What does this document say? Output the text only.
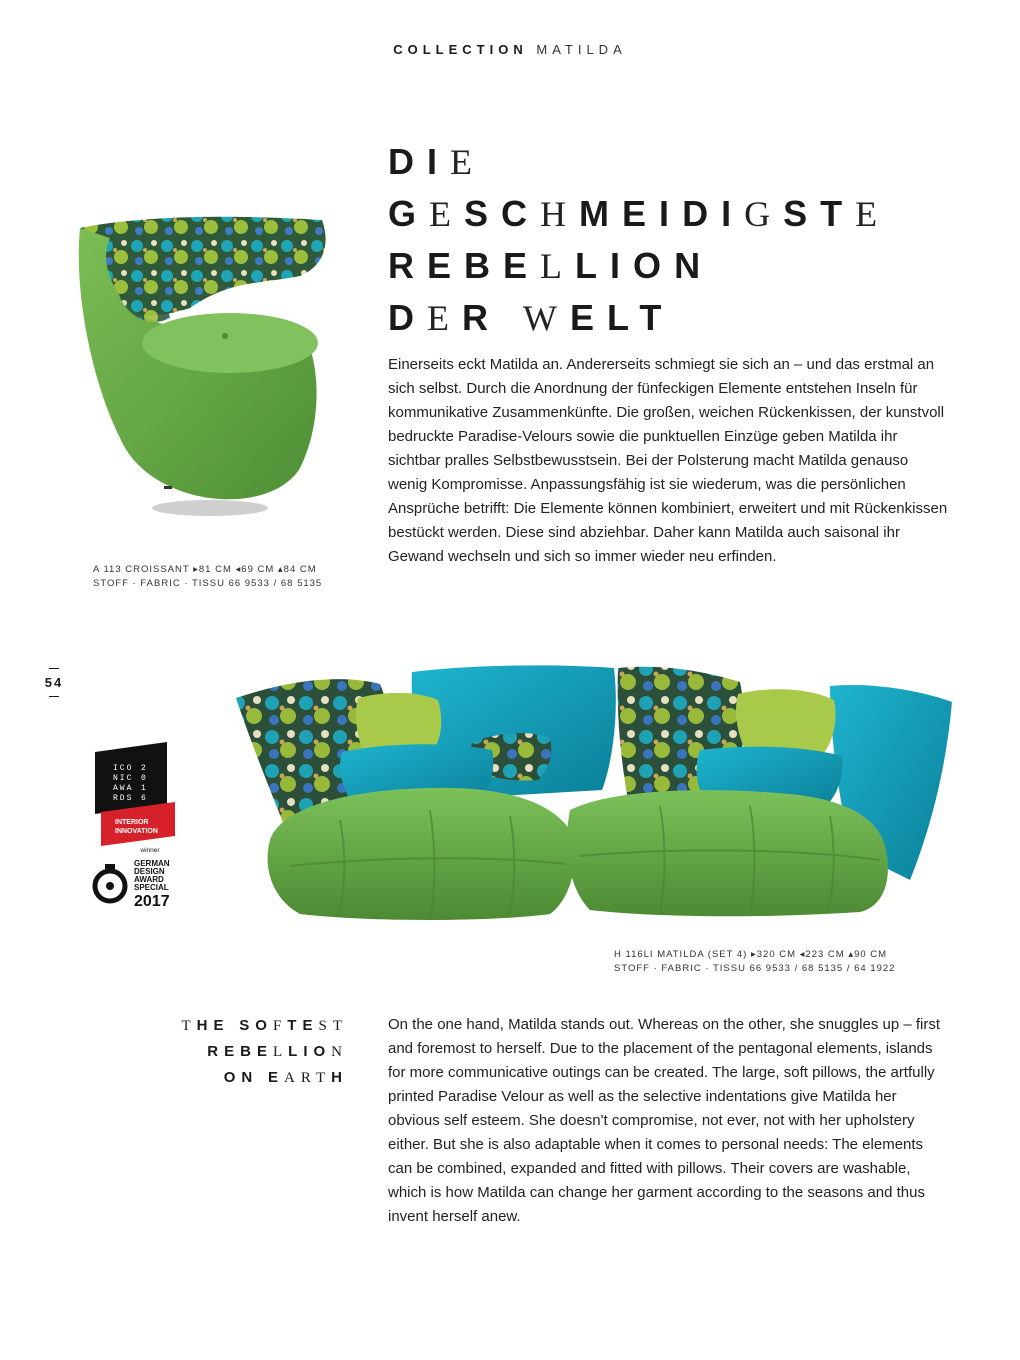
COLLECTION MATILDA
A 113 CROISSANT ▸81 CM ◂69 CM ▴84 CM
STOFF · FABRIC · TISSU 66 9533 / 68 5135
DIE
GESCHMEIDIGSTE
REBELLION
DER WELT

Einerseits eckt Matilda an. Andererseits schmiegt sie sich an – und das erstmal an sich selbst. Durch die Anordnung der fünfeckigen Elemente entstehen Inseln für kommunikative Zusammenkünfte. Die großen, weichen Rückenkissen, der kunstvoll bedruckte Paradise-Velours sowie die punktuellen Einzüge geben Matilda ihr sichtbar pralles Selbstbewusstsein. Bei der Polsterung macht Matilda genauso wenig Kompromisse. Anpassungsfähig ist sie wiederum, was die persönlichen Ansprüche betrifft: Die Elemente können kombiniert, erweitert und mit Rückenkissen bestückt werden. Diese sind abziehbar. Daher kann Matilda auch saisonal ihr Gewand wechseln und sich so immer wieder neu erfinden.

54
ICO
NIC
AWA
RDS
2
0
1
6
INTERIOR
INNOVATION
winner
GERMAN
DESIGN
AWARD
SPECIAL
2017
H 116LI MATILDA (SET 4) ▸320 CM ◂223 CM ▴90 CM
STOFF · FABRIC · TISSU 66 9533 / 68 5135 / 64 1922
THE SOFTEST
REBELLION
ON EARTH

On the one hand, Matilda stands out. Whereas on the other, she snuggles up – first and foremost to herself. Due to the placement of the pentagonal elements, islands for more communicative outings can be created. The large, soft pillows, the artfully printed Paradise Velour as well as the selective indentations give Matilda her obvious self esteem. She doesn't compromise, not ever, not with her upholstery either. But she is also adaptable when it comes to personal needs: The elements can be combined, expanded and fitted with pillows. Their covers are washable, which is how Matilda can change her garment according to the seasons and thus invent herself anew.
